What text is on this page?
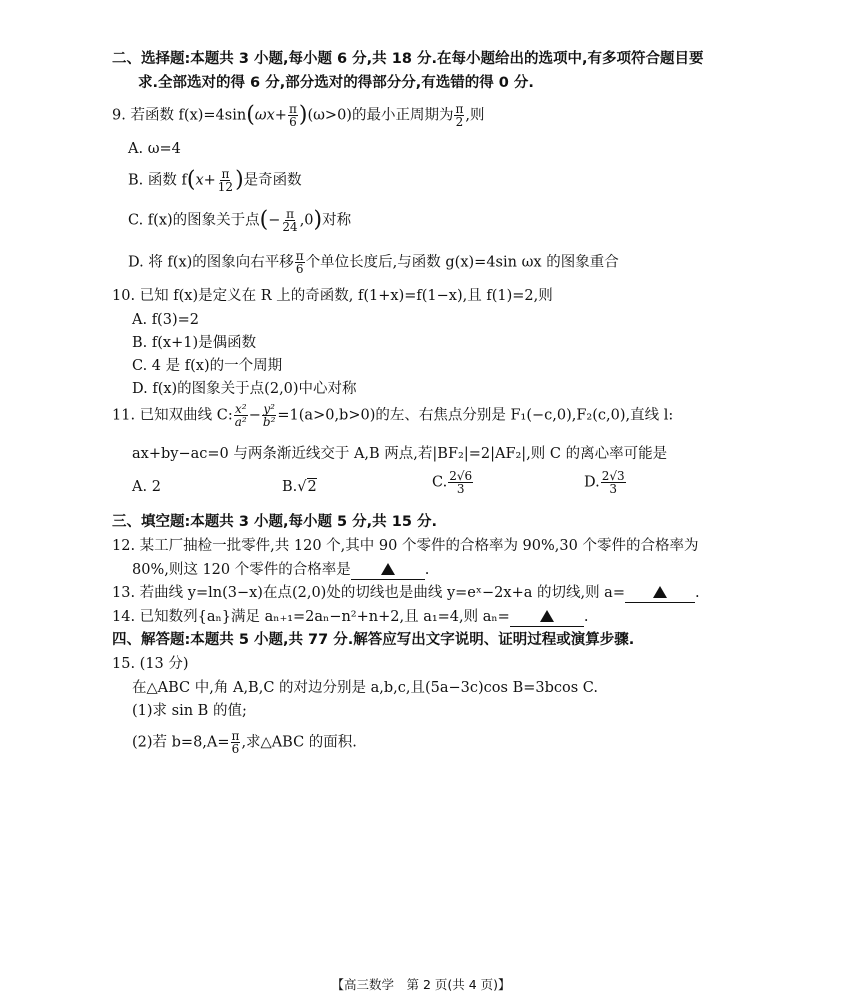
二、选择题:本题共 3 小题,每小题 6 分,共 18 分.在每小题给出的选项中,有多项符合题目要
求.全部选对的得 6 分,部分选对的得部分分,有选错的得 0 分.
9. 若函数 $f(x)=4\sin(\omega x+ \frac{\pi}{6} )(\omega>0)$的最小正周期为 $\frac{\pi}{2}$ ,则
A. ω=4
B. 函数 $f(x+ \frac{\pi}{12}$ )是奇函数
C. f(x)的图象关于点(− $\frac{\pi}{24} ,0$)对称
D. 将 f(x)的图象向右平移 $\frac{\pi}{6}$ 个单位长度后,与函数 g(x)=4sin ωx 的图象重合
10. 已知 f(x)是定义在 R 上的奇函数, f(1+x)=f(1−x),且 f(1)=2,则
A. f(3)=2
B. f(x+1)是偶函数
C. 4 是 f(x)的一个周期
D. f(x)的图象关于点(2,0)中心对称
11. 已知双曲线 C: $\frac{\text{x²}}{\text{a²}} - \frac{\text{y²}}{\text{b²}} =1(a>0,b>0)$的左、右焦点分别是 F₁(−c,0),F₂(c,0),直线 l:
ax+by−ac=0 与两条渐近线交于 A,B 两点,若|BF₂|=2|AF₂|,则 C 的离心率可能是
A. 2	B.√2	C. $\frac{2√6}{3}$	D. $\frac{2√3}{3}$
三、填空题:本题共 3 小题,每小题 5 分,共 15 分.
12. 某工厂抽检一批零件,共 120 个,其中 90 个零件的合格率为 90%,30 个零件的合格率为
80%,则这 120 个零件的合格率是	.
13. 若曲线 y=ln(3−x)在点(2,0)处的切线也是曲线 y=eˣ−2x+a 的切线,则 a=	.
14. 已知数列{aₙ}满足 aₙ₊₁=2aₙ−n²+n+2,且 a₁=4,则 aₙ=	.
四、解答题:本题共 5 小题,共 77 分.解答应写出文字说明、证明过程或演算步骤.
15. (13 分)
在△ABC 中,角 A,B,C 的对边分别是 a,b,c,且(5a−3c)cos B=3bcos C.
(1)求 sin B 的值;
(2)若 $b=8,A= \frac{\pi}{6}$ ,求△ABC 的面积.
【高三数学　第 2 页(共 4 页)】
